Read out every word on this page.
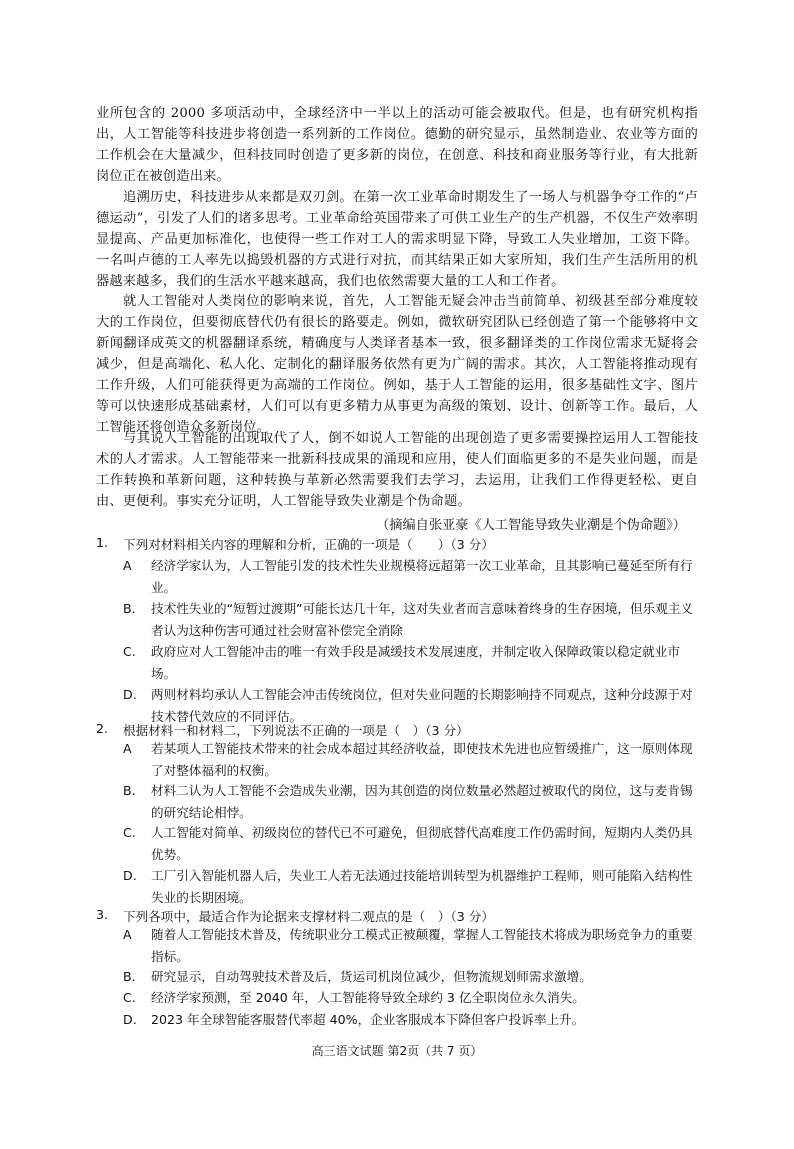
业所包含的 2000 多项活动中，全球经济中一半以上的活动可能会被取代。但是，也有研究机构指出，人工智能等科技进步将创造一系列新的工作岗位。德勤的研究显示，虽然制造业、农业等方面的工作机会在大量减少，但科技同时创造了更多新的岗位，在创意、科技和商业服务等行业，有大批新岗位正在被创造出来。

追溯历史，科技进步从来都是双刃剑。在第一次工业革命时期发生了一场人与机器争夺工作的“卢德运动”，引发了人们的诸多思考。工业革命给英国带来了可供工业生产的生产机器，不仅生产效率明显提高、产品更加标准化，也使得一些工作对工人的需求明显下降，导致工人失业增加，工资下降。一名叫卢德的工人率先以捣毁机器的方式进行对抗，而其结果正如大家所知，我们生产生活所用的机器越来越多，我们的生活水平越来越高，我们也依然需要大量的工人和工作者。

就人工智能对人类岗位的影响来说，首先，人工智能无疑会冲击当前简单、初级甚至部分难度较大的工作岗位，但要彻底替代仍有很长的路要走。例如，微软研究团队已经创造了第一个能够将中文新闻翻译成英文的机器翻译系统，精确度与人类译者基本一致，很多翻译类的工作岗位需求无疑将会减少，但是高端化、私人化、定制化的翻译服务依然有更为广阔的需求。其次，人工智能将推动现有工作升级，人们可能获得更为高端的工作岗位。例如，基于人工智能的运用，很多基础性文字、图片等可以快速形成基础素材，人们可以有更多精力从事更为高级的策划、设计、创新等工作。最后，人工智能还将创造众多新岗位。

与其说人工智能的出现取代了人，倒不如说人工智能的出现创造了更多需要操控运用人工智能技术的人才需求。人工智能带来一批新科技成果的涌现和应用，使人们面临更多的不是失业问题，而是工作转换和革新问题，这种转换与革新必然需要我们去学习，去运用，让我们工作得更轻松、更自由、更便利。事实充分证明，人工智能导致失业潮是个伪命题。

（摘编自张亚豪《人工智能导致失业潮是个伪命题》）
1.	下列对材料相关内容的理解和分析，正确的一项是（　　）（3 分）
A	经济学家认为，人工智能引发的技术性失业规模将远超第一次工业革命，且其影响已蔓延至所有行业。
B.	技术性失业的“短暂过渡期”可能长达几十年，这对失业者而言意味着终身的生存困境，但乐观主义者认为这种伤害可通过社会财富补偿完全消除
C.	政府应对人工智能冲击的唯一有效手段是减缓技术发展速度，并制定收入保障政策以稳定就业市场。
D.	两则材料均承认人工智能会冲击传统岗位，但对失业问题的长期影响持不同观点，这种分歧源于对技术替代效应的不同评估。
2.	根据材料一和材料二，下列说法不正确的一项是（　）（3 分）
A	若某项人工智能技术带来的社会成本超过其经济收益，即使技术先进也应暂缓推广，这一原则体现了对整体福利的权衡。
B.	材料二认为人工智能不会造成失业潮，因为其创造的岗位数量必然超过被取代的岗位，这与麦肯锡的研究结论相悖。
C.	人工智能对简单、初级岗位的替代已不可避免，但彻底替代高难度工作仍需时间，短期内人类仍具优势。
D.	工厂引入智能机器人后，失业工人若无法通过技能培训转型为机器维护工程师，则可能陷入结构性失业的长期困境。
3.	下列各项中，最适合作为论据来支撑材料二观点的是（　）（3 分）
A	随着人工智能技术普及，传统职业分工模式正被颠覆，掌握人工智能技术将成为职场竞争力的重要指标。
B.	研究显示，自动驾驶技术普及后，货运司机岗位减少，但物流规划师需求激增。
C.	经济学家预测，至 2040 年，人工智能将导致全球约 3 亿全职岗位永久消失。
D.	2023 年全球智能客服替代率超 40%，企业客服成本下降但客户投诉率上升。
高三语文试题 第2页（共 7 页）
